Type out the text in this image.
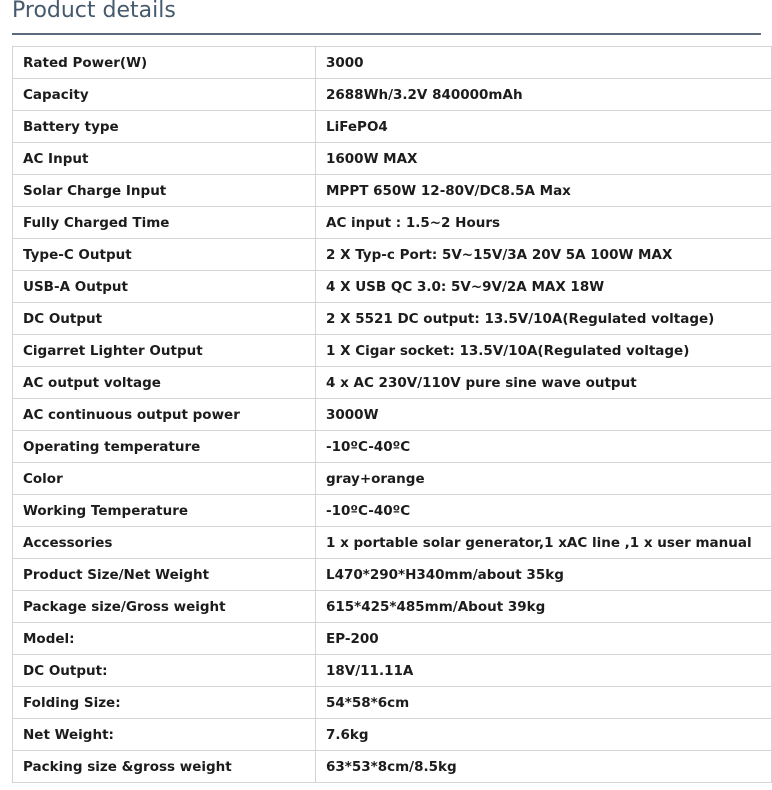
Product details
Rated Power(W)	3000
Capacity	2688Wh/3.2V 840000mAh
Battery type	LiFePO4
AC Input	1600W MAX
Solar Charge Input	MPPT 650W 12-80V/DC8.5A Max
Fully Charged Time	AC input : 1.5~2 Hours
Type-C Output	2 X Typ-c Port: 5V~15V/3A 20V 5A 100W MAX
USB-A Output	4 X USB QC 3.0: 5V~9V/2A MAX 18W
DC Output	2 X 5521 DC output: 13.5V/10A(Regulated voltage)
Cigarret Lighter Output	1 X Cigar socket: 13.5V/10A(Regulated voltage)
AC output voltage	4 x AC 230V/110V pure sine wave output
AC continuous output power	3000W
Operating temperature	-10ºC-40ºC
Color	gray+orange
Working Temperature	-10ºC-40ºC
Accessories	1 x portable solar generator,1 xAC line ,1 x user manual
Product Size/Net Weight	L470*290*H340mm/about 35kg
Package size/Gross weight	615*425*485mm/About 39kg
Model:	EP-200
DC Output:	18V/11.11A
Folding Size:	54*58*6cm
Net Weight:	7.6kg
Packing size &gross weight	63*53*8cm/8.5kg
